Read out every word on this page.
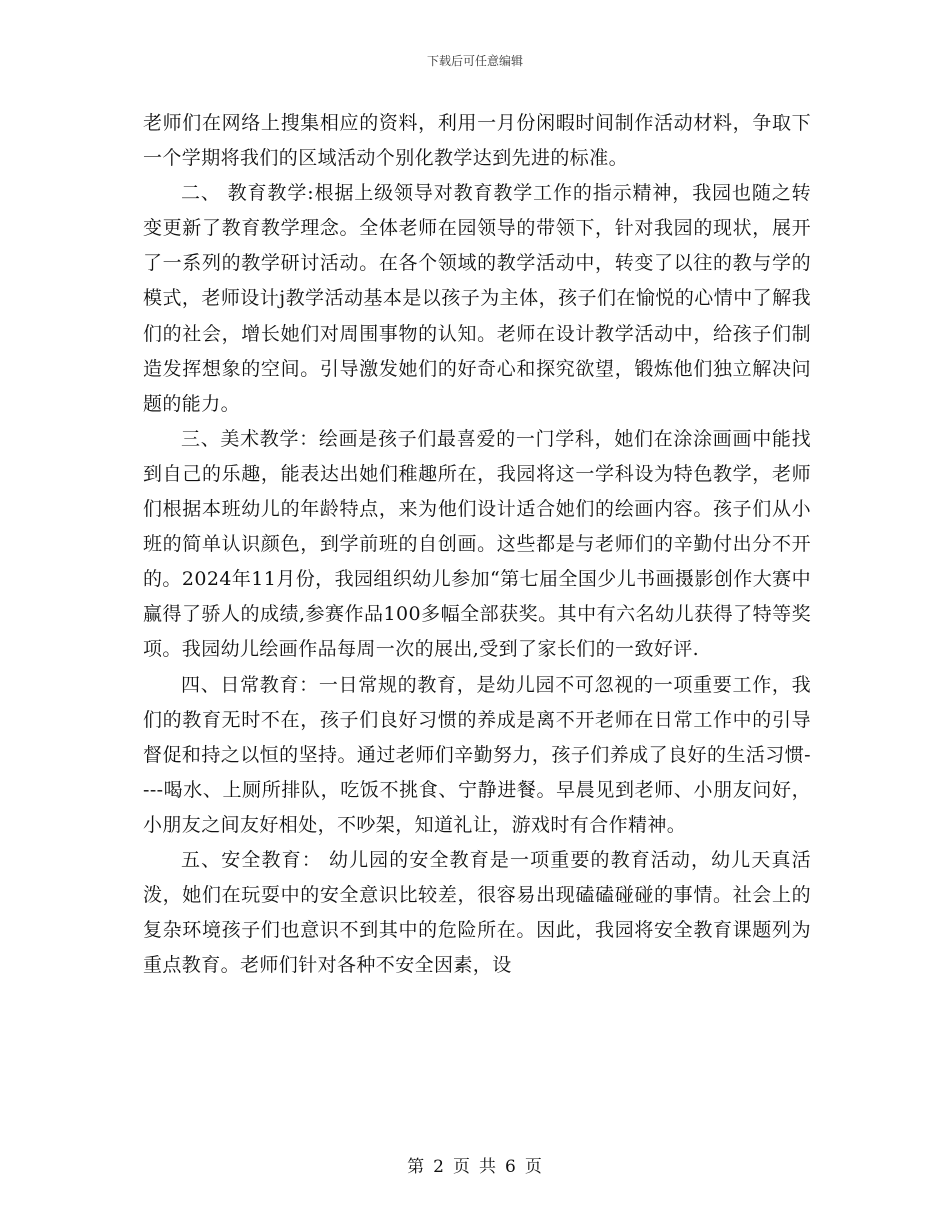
下载后可任意编辑

老师们在网络上搜集相应的资料，利用一月份闲暇时间制作活动材料，争取下一个学期将我们的区域活动个别化教学达到先进的标准。

二、 教育教学:根据上级领导对教育教学工作的指示精神，我园也随之转变更新了教育教学理念。全体老师在园领导的带领下，针对我园的现状，展开了一系列的教学研讨活动。在各个领域的教学活动中，转变了以往的教与学的模式，老师设计j教学活动基本是以孩子为主体，孩子们在愉悦的心情中了解我们的社会，增长她们对周围事物的认知。老师在设计教学活动中，给孩子们制造发挥想象的空间。引导激发她们的好奇心和探究欲望，锻炼他们独立解决问题的能力。

三、美术教学：绘画是孩子们最喜爱的一门学科，她们在涂涂画画中能找到自己的乐趣，能表达出她们稚趣所在，我园将这一学科设为特色教学，老师们根据本班幼儿的年龄特点，来为他们设计适合她们的绘画内容。孩子们从小班的简单认识颜色，到学前班的自创画。这些都是与老师们的辛勤付出分不开的。2024年11月份，我园组织幼儿参加“第七届全国少儿书画摄影创作大赛中赢得了骄人的成绩,参赛作品100多幅全部获奖。其中有六名幼儿获得了特等奖项。我园幼儿绘画作品每周一次的展出,受到了家长们的一致好评.

四、日常教育：一日常规的教育，是幼儿园不可忽视的一项重要工作，我们的教育无时不在，孩子们良好习惯的养成是离不开老师在日常工作中的引导督促和持之以恒的坚持。通过老师们辛勤努力，孩子们养成了良好的生活习惯----喝水、上厕所排队，吃饭不挑食、宁静进餐。早晨见到老师、小朋友问好，小朋友之间友好相处，不吵架，知道礼让，游戏时有合作精神。

五、安全教育： 幼儿园的安全教育是一项重要的教育活动，幼儿天真活泼，她们在玩耍中的安全意识比较差，很容易出现磕磕碰碰的事情。社会上的复杂环境孩子们也意识不到其中的危险所在。因此，我园将安全教育课题列为重点教育。老师们针对各种不安全因素，设

第 2 页 共 6 页
